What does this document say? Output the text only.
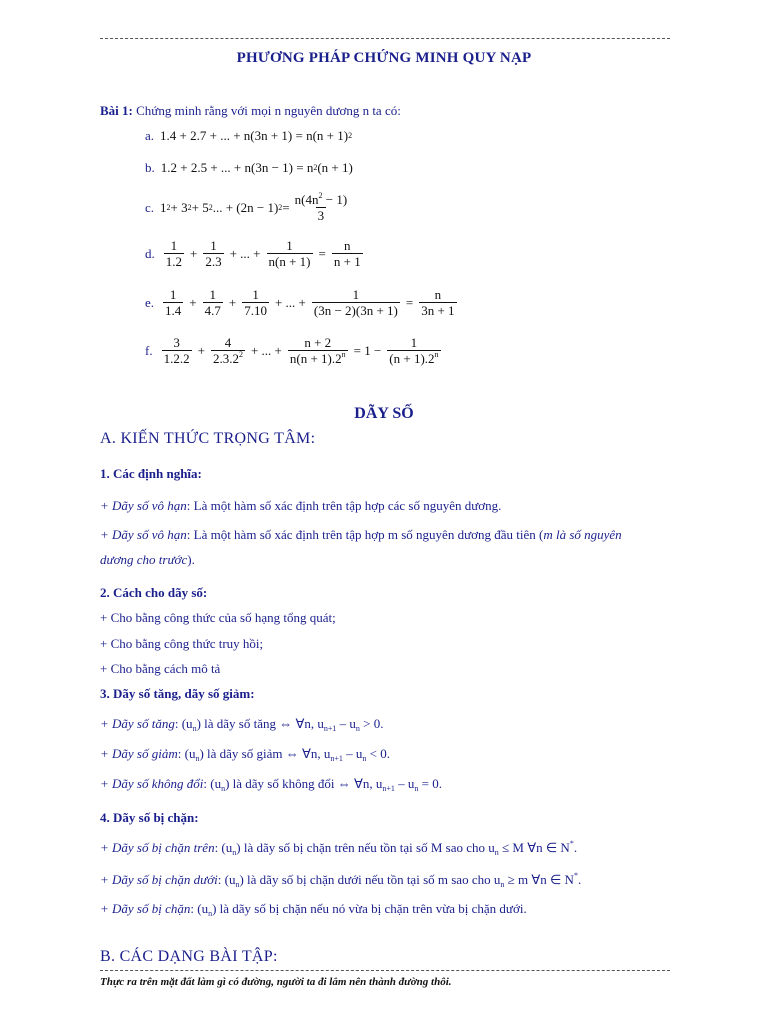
PHƯƠNG PHÁP CHỨNG MINH QUY NẠP
Bài 1: Chứng minh rằng với mọi n nguyên dương n ta có:
a. 1.4 + 2.7 + ... + n(3n + 1) = n(n + 1) 2
b. 1.2 + 2.5 + ... + n(3n − 1) = n 2 (n + 1)
c. 1 2 + 3 2 + 5 2 ... + (2n − 1) $2 = \frac{n(4n^2 - 1)}{3}$
d. $\frac{1}{1.2} + \frac{1}{2.3}$ + ... + $\frac{1}{n(n + 1)} = \frac{n}{n + 1}$
e. $\frac{1}{1.4} + \frac{1}{4.7} + \frac{1}{7.10}$ + ... + $\frac{1}{(3n - 2)(3n + 1)} = \frac{n}{3n + 1}$
f. $\frac{3}{1.2.2} + \frac{4}{2.3.2^2}$ + ... + $\frac{n + 2}{n(n + 1).2^n} = 1 - \frac{1}{(n + 1).2^n}$
DÃY SỐ
A. KIẾN THỨC TRỌNG TÂM:
1. Các định nghĩa:
+ Dãy số vô hạn: Là một hàm số xác định trên tập hợp các số nguyên dương.
+ Dãy số vô hạn: Là một hàm số xác định trên tập hợp m số nguyên dương đầu tiên (m là số nguyên
dương cho trước).
2. Cách cho dãy số:
+ Cho bằng công thức của số hạng tổng quát;
+ Cho bằng công thức truy hồi;
+ Cho bằng cách mô tả
3. Dãy số tăng, dãy số giảm:
+ Dãy số tăng: $(u_n)$ là dãy số tăng ⇔ ∀n, $u_{n+1} - u_n > 0$.
+ Dãy số giảm: $(u_n)$ là dãy số giảm ⇔ ∀n, $u_{n+1} - u_n < 0$.
+ Dãy số không đổi: $(u_n)$ là dãy số không đổi ⇔ ∀n, $u_{n+1} - u_n = 0$.
4. Dãy số bị chặn:
+ Dãy số bị chặn trên: $(u_n)$ là dãy số bị chặn trên nếu tồn tại số M sao cho $u_n \le M$ ∀n ∈ N*.
+ Dãy số bị chặn dưới: $(u_n)$ là dãy số bị chặn dưới nếu tồn tại số m sao cho $u_n \ge m$ ∀n ∈ N*.
+ Dãy số bị chặn: $(u_n)$ là dãy số bị chặn nếu nó vừa bị chặn trên vừa bị chặn dưới.
B. CÁC DẠNG BÀI TẬP:
Thực ra trên mặt đất làm gì có đường, người ta đi lắm nên thành đường thôi.
